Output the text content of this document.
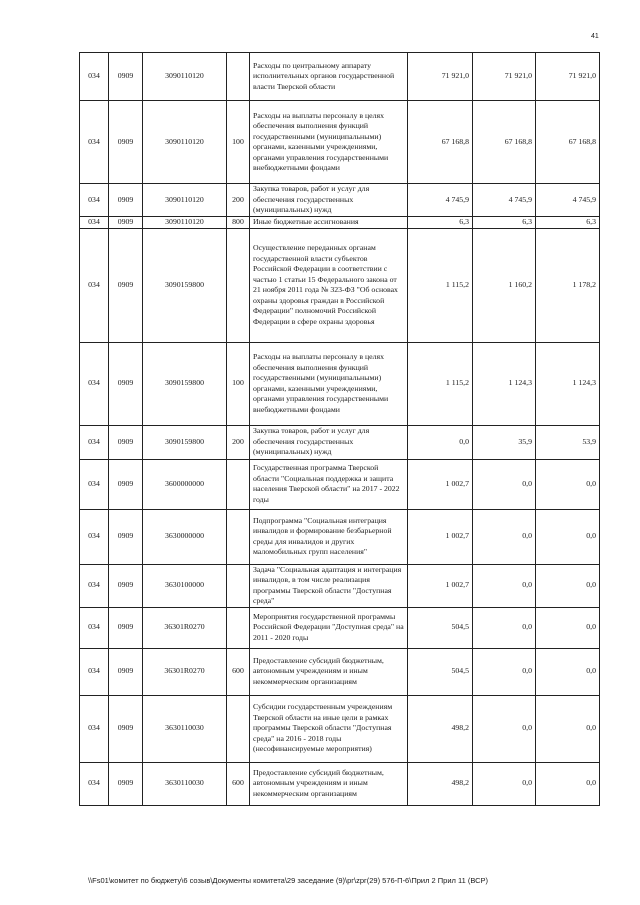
41
034	0909	3090110120		Расходы по центральному аппарату исполнительных органов государственной власти Тверской области	71 921,0	71 921,0	71 921,0
034	0909	3090110120	100	Расходы на выплаты персоналу в целях обеспечения выполнения функций государственными (муниципальными) органами, казенными учреждениями, органами управления государственными внебюджетными фондами	67 168,8	67 168,8	67 168,8
034	0909	3090110120	200	Закупка товаров, работ и услуг для обеспечения государственных (муниципальных) нужд	4 745,9	4 745,9	4 745,9
034	0909	3090110120	800	Иные бюджетные ассигнования	6,3	6,3	6,3
034	0909	3090159800		Осуществление переданных органам государственной власти субъектов Российской Федерации в соответствии с частью 1 статьи 15 Федерального закона от 21 ноября 2011 года № 323-ФЗ "Об основах охраны здоровья граждан в Российской Федерации" полномочий Российской Федерации в сфере охраны здоровья	1 115,2	1 160,2	1 178,2
034	0909	3090159800	100	Расходы на выплаты персоналу в целях обеспечения выполнения функций государственными (муниципальными) органами, казенными учреждениями, органами управления государственными внебюджетными фондами	1 115,2	1 124,3	1 124,3
034	0909	3090159800	200	Закупка товаров, работ и услуг для обеспечения государственных (муниципальных) нужд	0,0	35,9	53,9
034	0909	3600000000		Государственная программа Тверской области "Социальная поддержка и защита населения Тверской области" на 2017 - 2022 годы	1 002,7	0,0	0,0
034	0909	3630000000		Подпрограмма "Социальная интеграция инвалидов и формирование безбарьерной среды для инвалидов и других маломобильных групп населения"	1 002,7	0,0	0,0
034	0909	3630100000		Задача "Социальная адаптация и интеграция инвалидов, в том числе реализация программы Тверской области "Доступная среда"	1 002,7	0,0	0,0
034	0909	36301R0270		Мероприятия государственной программы Российской Федерации "Доступная среда" на 2011 - 2020 годы	504,5	0,0	0,0
034	0909	36301R0270	600	Предоставление субсидий бюджетным, автономным учреждениям и иным некоммерческим организациям	504,5	0,0	0,0
034	0909	3630110030		Субсидии государственным учреждениям Тверской области на иные цели в рамках программы Тверской области "Доступная среда" на 2016 - 2018 годы (несофинансируемые мероприятия)	498,2	0,0	0,0
034	0909	3630110030	600	Предоставление субсидий бюджетным, автономным учреждениям и иным некоммерческим организациям	498,2	0,0	0,0
\\Fs01\комитет по бюджету\6 созыв\Документы комитета\29 заседание (9)\рг\zрг(29) 576-П-6\Прил 2 Прил 11 (ВСР)
